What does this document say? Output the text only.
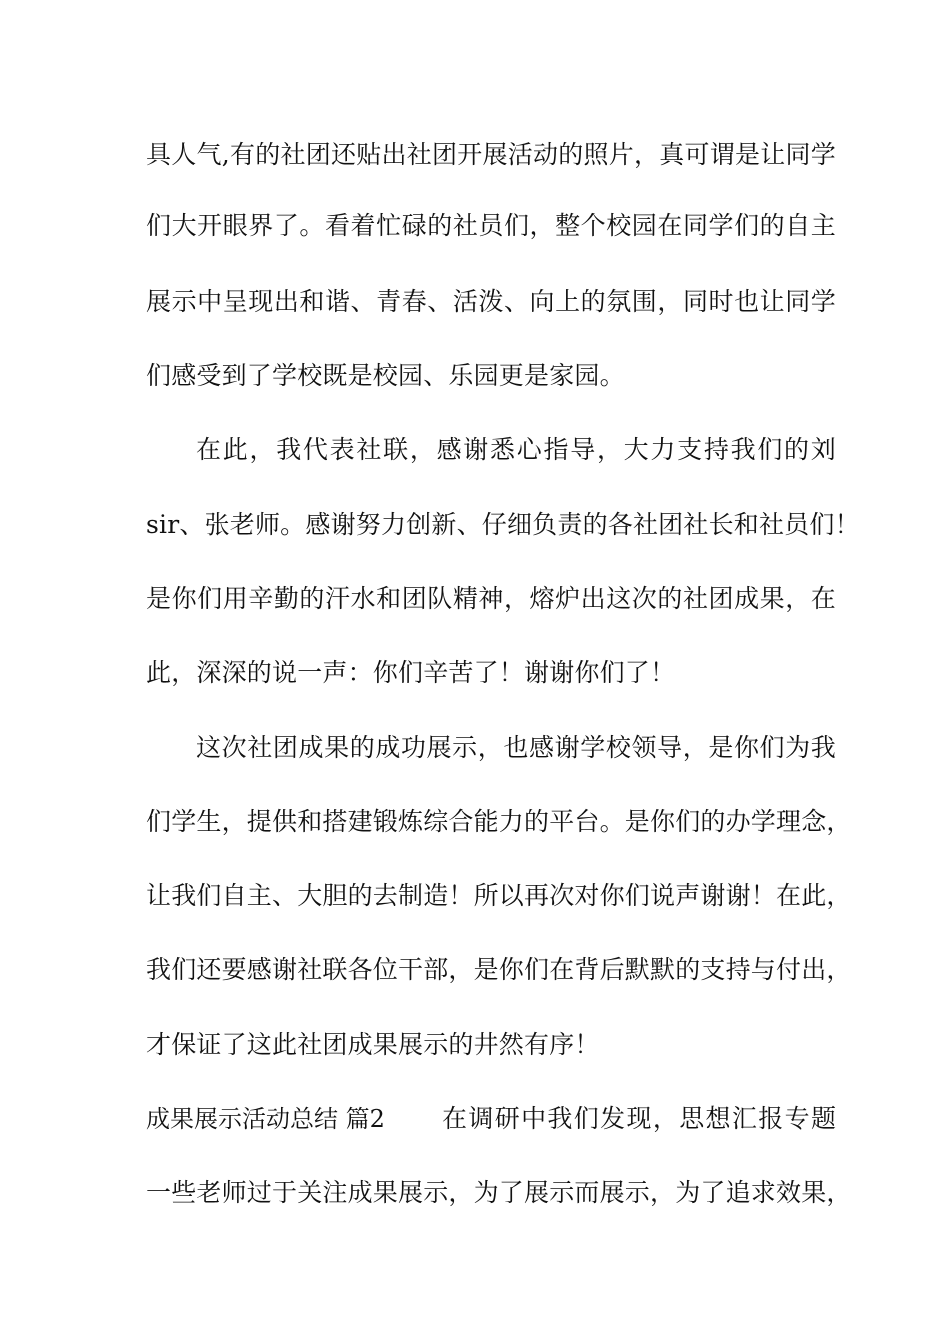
具人气,有的社团还贴出社团开展活动的照片，真可谓是让同学
们大开眼界了。看着忙碌的社员们，整个校园在同学们的自主
展示中呈现出和谐、青春、活泼、向上的氛围，同时也让同学
们感受到了学校既是校园、乐园更是家园。
在此，我代表社联，感谢悉心指导，大力支持我们的刘
sir、张老师。感谢努力创新、仔细负责的各社团社长和社员们！
是你们用辛勤的汗水和团队精神，熔炉出这次的社团成果，在
此，深深的说一声：你们辛苦了！谢谢你们了！
这次社团成果的成功展示，也感谢学校领导，是你们为我
们学生，提供和搭建锻炼综合能力的平台。是你们的办学理念，
让我们自主、大胆的去制造！所以再次对你们说声谢谢！在此，
我们还要感谢社联各位干部，是你们在背后默默的支持与付出，
才保证了这此社团成果展示的井然有序！
成果展示活动总结 篇2 在调研中我们发现，思想汇报专题
一些老师过于关注成果展示，为了展示而展示，为了追求效果，
